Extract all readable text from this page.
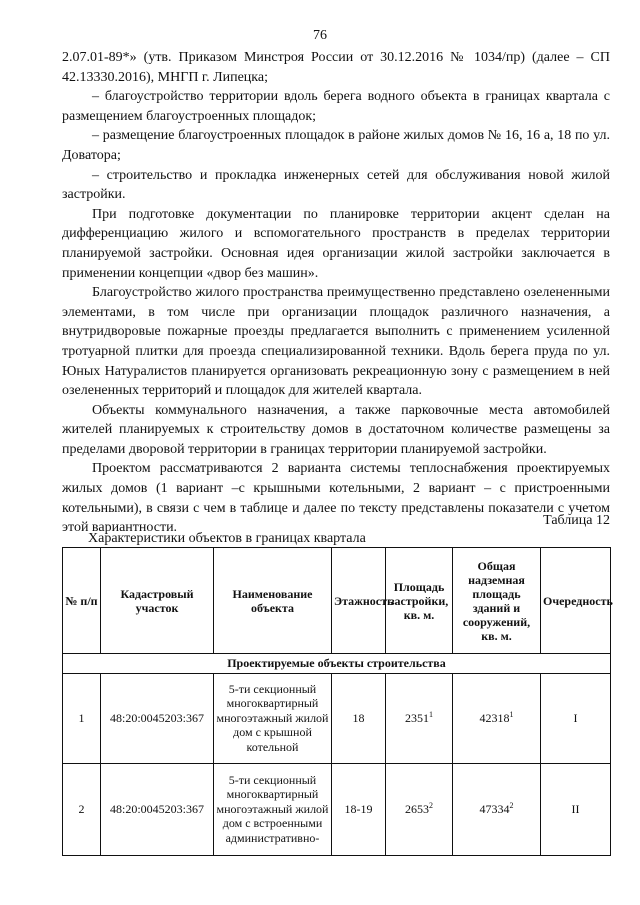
76

2.07.01-89*» (утв. Приказом Минстроя России от 30.12.2016 № 1034/пр) (далее – СП 42.13330.2016), МНГП г. Липецка;

– благоустройство территории вдоль берега водного объекта в границах квартала с размещением благоустроенных площадок;

– размещение благоустроенных площадок в районе жилых домов № 16, 16 а, 18 по ул. Доватора;

– строительство и прокладка инженерных сетей для обслуживания новой жилой застройки.

При подготовке документации по планировке территории акцент сделан на дифференциацию жилого и вспомогательного пространств в пределах территории планируемой застройки. Основная идея организации жилой застройки заключается в применении концепции «двор без машин».

Благоустройство жилого пространства преимущественно представлено озелененными элементами, в том числе при организации площадок различного назначения, а внутридворовые пожарные проезды предлагается выполнить с применением усиленной тротуарной плитки для проезда специализированной техники. Вдоль берега пруда по ул. Юных Натуралистов планируется организовать рекреационную зону с размещением в ней озелененных территорий и площадок для жителей квартала.

Объекты коммунального назначения, а также парковочные места автомобилей жителей планируемых к строительству домов в достаточном количестве размещены за пределами дворовой территории в границах территории планируемой застройки.

Проектом рассматриваются 2 варианта системы теплоснабжения проектируемых жилых домов (1 вариант –с крышными котельными, 2 вариант – с пристроенными котельными), в связи с чем в таблице и далее по тексту представлены показатели с учетом этой вариантности.	Таблица 12
Характеристики объектов в границах квартала
№ п/п	Кадастровый участок	Наименование объекта	Этажность	Площадь застройки, кв. м.	Общая надземная площадь зданий и сооружений, кв. м.	Очередность
Проектируемые объекты строительства						
1	48:20:0045203:367	5-ти секционный многоквартирный многоэтажный жилой дом с крышной котельной	18	2351$^1$	42318$^1$	I
2	48:20:0045203:367	5-ти секционный многоквартирный многоэтажный жилой дом с встроенными административно-	18-19	2653$^2$	47334$^2$	II
